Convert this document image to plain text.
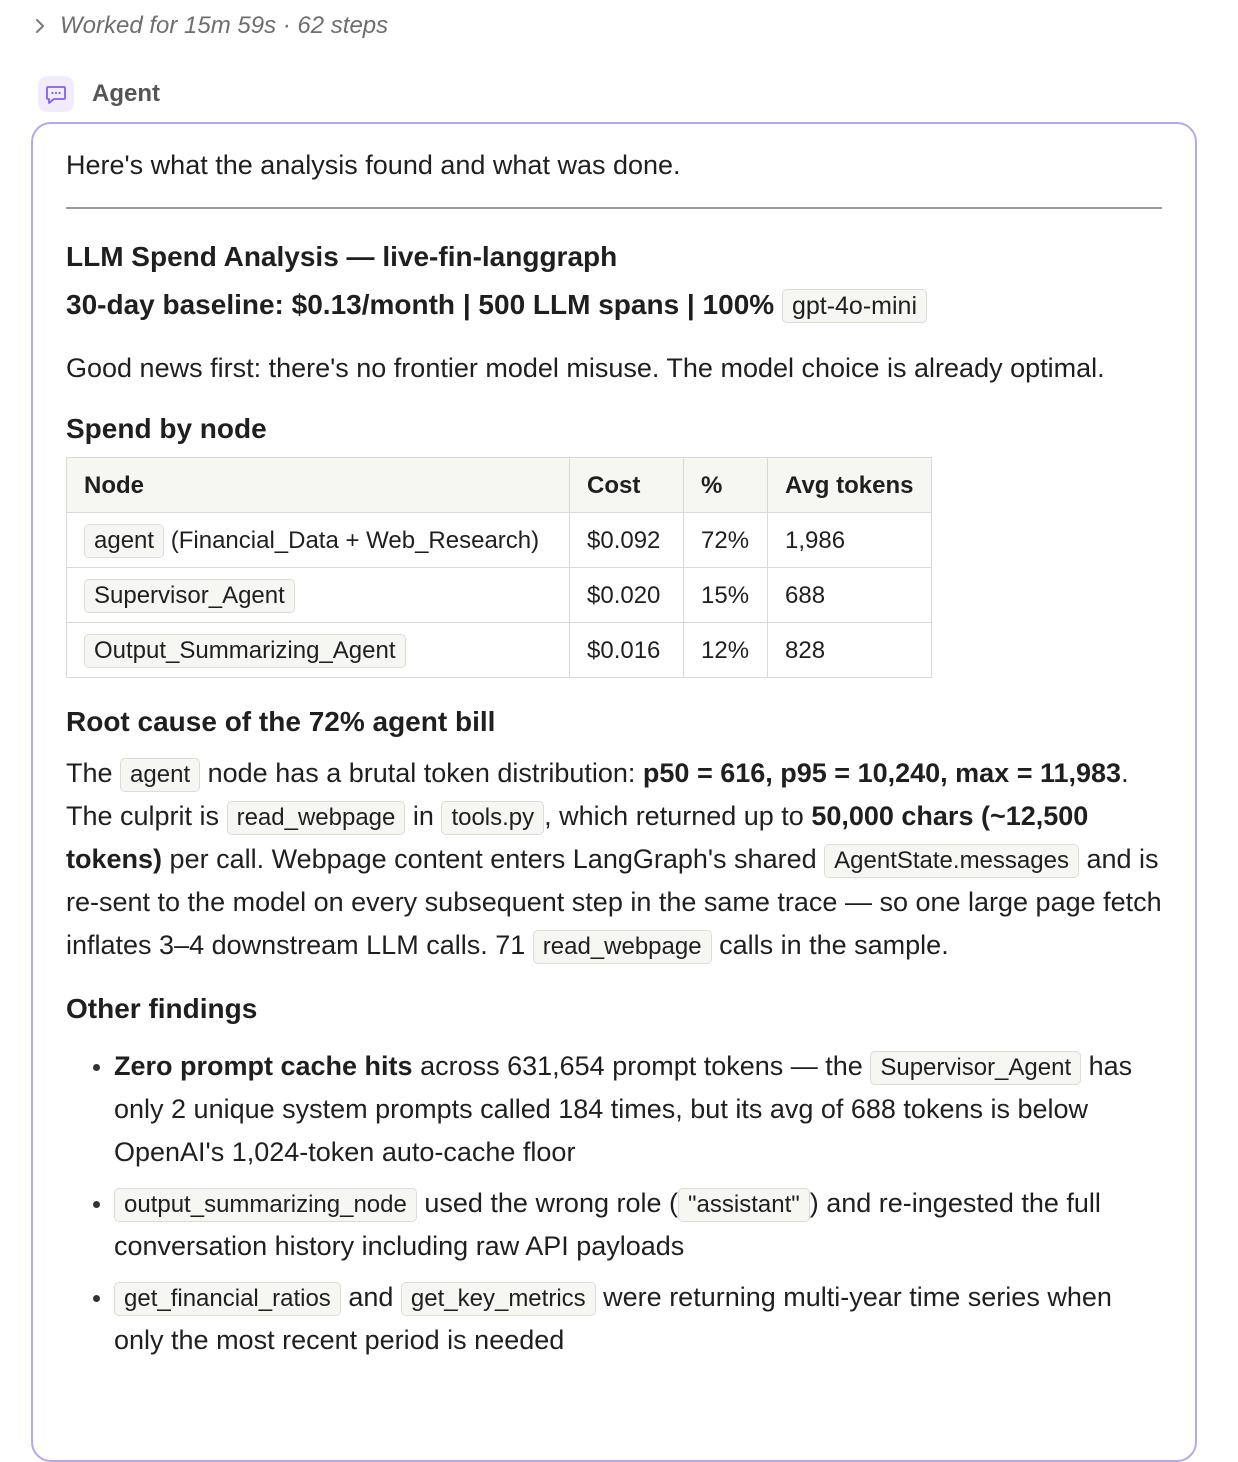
Worked for 15m 59s · 62 steps
Agent

Here's what the analysis found and what was done.

LLM Spend Analysis — live-fin-langgraph
30-day baseline: $0.13/month | 500 LLM spans | 100% gpt-4o-mini

Good news first: there's no frontier model misuse. The model choice is already optimal.

Spend by node
Node	Cost	%	Avg tokens
agent (Financial_Data + Web_Research)	$0.092	72%	1,986
Supervisor_Agent	$0.020	15%	688
Output_Summarizing_Agent	$0.016	12%	828
Root cause of the 72% agent bill

The agent node has a brutal token distribution: p50 = 616, p95 = 10,240, max = 11,983. The culprit is read_webpage in tools.py , which returned up to 50,000 chars (~12,500 tokens) per call. Webpage content enters LangGraph's shared AgentState.messages and is re-sent to the model on every subsequent step in the same trace — so one large page fetch inflates 3–4 downstream LLM calls. 71 read_webpage calls in the sample.

Other findings
• Zero prompt cache hits across 631,654 prompt tokens — the Supervisor_Agent has only 2 unique system prompts called 184 times, but its avg of 688 tokens is below OpenAI's 1,024-token auto-cache floor
• output_summarizing_node used the wrong role ( "assistant" ) and re-ingested the full conversation history including raw API payloads
• get_financial_ratios and get_key_metrics were returning multi-year time series when only the most recent period is needed
